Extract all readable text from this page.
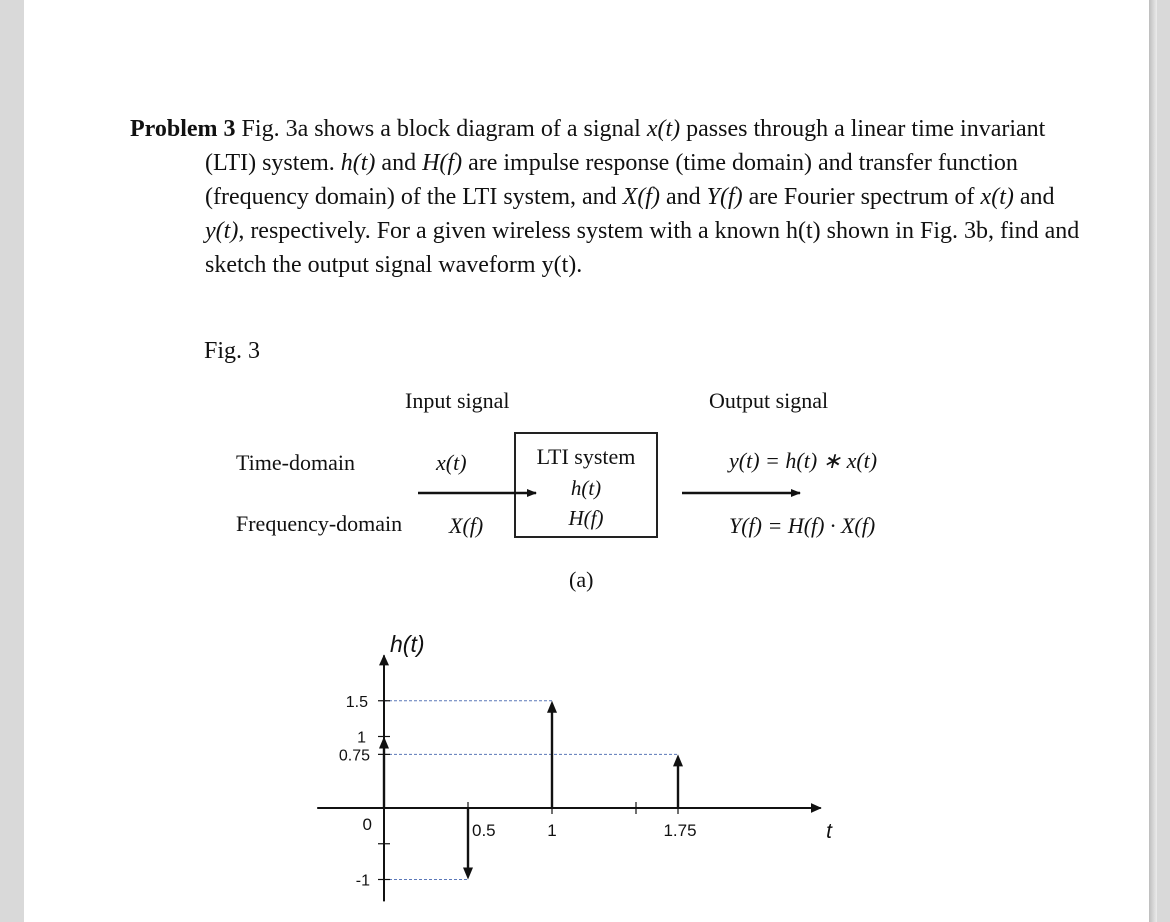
Problem 3 Fig. 3a shows a block diagram of a signal x(t) passes through a linear time invariant (LTI) system. h(t) and H(f) are impulse response (time domain) and transfer function (frequency domain) of the LTI system, and X(f) and Y(f) are Fourier spectrum of x(t) and y(t), respectively. For a given wireless system with a known h(t) shown in Fig. 3b, find and sketch the output signal waveform y(t).
Fig. 3
Input signal	Output signal
Time-domain
Frequency-domain
x(t)
X(f)
y(t) = h(t) ∗ x(t)
Y(f) = H(f) · X(f)
(a)
LTI system
h(t)
H(f)
1.5
1
0.75
0
-1
0.5	1	1.75	t
h(t)
